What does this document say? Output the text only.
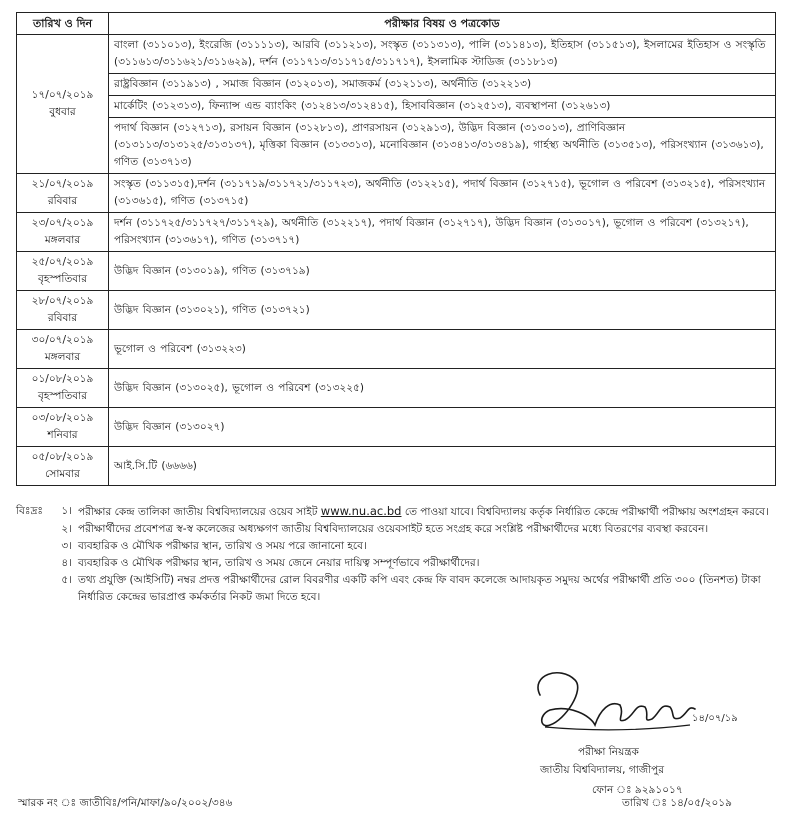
তারিখ ও দিন	পরীক্ষার বিষয় ও পত্রকোড

১৭/০৭/২০১৯
বুধবার	বাংলা (৩১১০১৩), ইংরেজি (৩১১১১৩), আরবি (৩১১২১৩), সংস্কৃত (৩১১৩১৩), পালি (৩১১৪১৩), ইতিহাস (৩১১৫১৩), ইসলামের ইতিহাস ও সংস্কৃতি (৩১১৬১৩/৩১১৬২১/৩১১৬২৯), দর্শন (৩১১৭১৩/৩১১৭১৫/৩১১৭১৭), ইসলামিক স্টাডিজ (৩১১৮১৩)
	রাষ্ট্রবিজ্ঞান (৩১১৯১৩) , সমাজ বিজ্ঞান (৩১২০১৩), সমাজকর্ম (৩১২১১৩), অর্থনীতি (৩১২২১৩)
	মার্কেটিং (৩১২৩১৩), ফিন্যান্স এন্ড ব্যাংকিং (৩১২৪১৩/৩১২৪১৫), হিসাববিজ্ঞান (৩১২৫১৩), ব্যবস্থাপনা (৩১২৬১৩)
	পদার্থ বিজ্ঞান (৩১২৭১৩), রসায়ন বিজ্ঞান (৩১২৮১৩), প্রাণরসায়ন (৩১২৯১৩), উদ্ভিদ বিজ্ঞান (৩১৩০১৩), প্রাণিবিজ্ঞান (৩১৩১১৩/৩১৩১২৫/৩১৩১৩৭), মৃত্তিকা বিজ্ঞান (৩১৩৩১৩), মনোবিজ্ঞান (৩১৩৪১৩/৩১৩৪১৯), গার্হস্থ্য অর্থনীতি (৩১৩৫১৩), পরিসংখ্যান (৩১৩৬১৩), গণিত (৩১৩৭১৩)

২১/০৭/২০১৯
রবিবার	সংস্কৃত (৩১১৩১৫),দর্শন (৩১১৭১৯/৩১১৭২১/৩১১৭২৩), অর্থনীতি (৩১২২১৫), পদার্থ বিজ্ঞান (৩১২৭১৫), ভূগোল ও পরিবেশ (৩১৩২১৫), পরিসংখ্যান (৩১৩৬১৫), গণিত (৩১৩৭১৫)

২৩/০৭/২০১৯
মঙ্গলবার	দর্শন (৩১১৭২৫/৩১১৭২৭/৩১১৭২৯), অর্থনীতি (৩১২২১৭), পদার্থ বিজ্ঞান (৩১২৭১৭), উদ্ভিদ বিজ্ঞান (৩১৩০১৭), ভূগোল ও পরিবেশ (৩১৩২১৭), পরিসংখ্যান (৩১৩৬১৭), গণিত (৩১৩৭১৭)

২৫/০৭/২০১৯
বৃহস্পতিবার	উদ্ভিদ বিজ্ঞান (৩১৩০১৯), গণিত (৩১৩৭১৯)

২৮/০৭/২০১৯
রবিবার	উদ্ভিদ বিজ্ঞান (৩১৩০২১), গণিত (৩১৩৭২১)

৩০/০৭/২০১৯
মঙ্গলবার	ভূগোল ও পরিবেশ (৩১৩২২৩)

০১/০৮/২০১৯
বৃহস্পতিবার	উদ্ভিদ বিজ্ঞান (৩১৩০২৫), ভূগোল ও পরিবেশ (৩১৩২২৫)

০৩/০৮/২০১৯
শনিবার	উদ্ভিদ বিজ্ঞান (৩১৩০২৭)

০৫/০৮/২০১৯
সোমবার	আই.সি.টি (৬৬৬৬)
বিঃদ্রঃ	১। পরীক্ষার কেন্দ্র তালিকা জাতীয় বিশ্ববিদ্যালয়ের ওয়েব সাইট www.nu.ac.bd তে পাওয়া যাবে। বিশ্ববিদ্যালয় কর্তৃক নির্ধারিত কেন্দ্রে পরীক্ষার্থী পরীক্ষায় অংশগ্রহন করবে।
২। পরীক্ষার্থীদের প্রবেশপত্র স্ব-স্ব কলেজের অধ্যক্ষগণ জাতীয় বিশ্ববিদ্যালয়ের ওয়েবসাইট হতে সংগ্রহ করে সংশ্লিষ্ট পরীক্ষার্থীদের মধ্যে বিতরণের ব্যবস্থা করবেন।
৩। ব্যবহারিক ও মৌখিক পরীক্ষার স্থান, তারিখ ও সময় পরে জানানো হবে।
৪। ব্যবহারিক ও মৌখিক পরীক্ষার স্থান, তারিখ ও সময় জেনে নেয়ার দায়িত্ব সম্পূর্ণভাবে পরীক্ষার্থীদের।
৫। তথ্য প্রযুক্তি (আইসিটি) নম্বর প্রদত্ত পরীক্ষার্থীদের রোল বিবরণীর একটি কপি এবং কেন্দ্র ফি বাবদ কলেজে আদায়কৃত সমুদয় অর্থের পরীক্ষার্থী প্রতি ৩০০ (তিনশত) টাকা নির্ধারিত কেন্দ্রের ভারপ্রাপ্ত কর্মকর্তার নিকট জমা দিতে হবে।
১৪/০৭/১৯
পরীক্ষা নিয়ন্ত্রক
জাতীয় বিশ্ববিদ্যালয়, গাজীপুর
ফোন ঃ ৯২৯১০১৭
স্মারক নং ঃ জাতীবিঃ/পনি/মাফা/৯০/২০০২/৩৪৬	তারিখ ঃ ১৪/০৫/২০১৯
